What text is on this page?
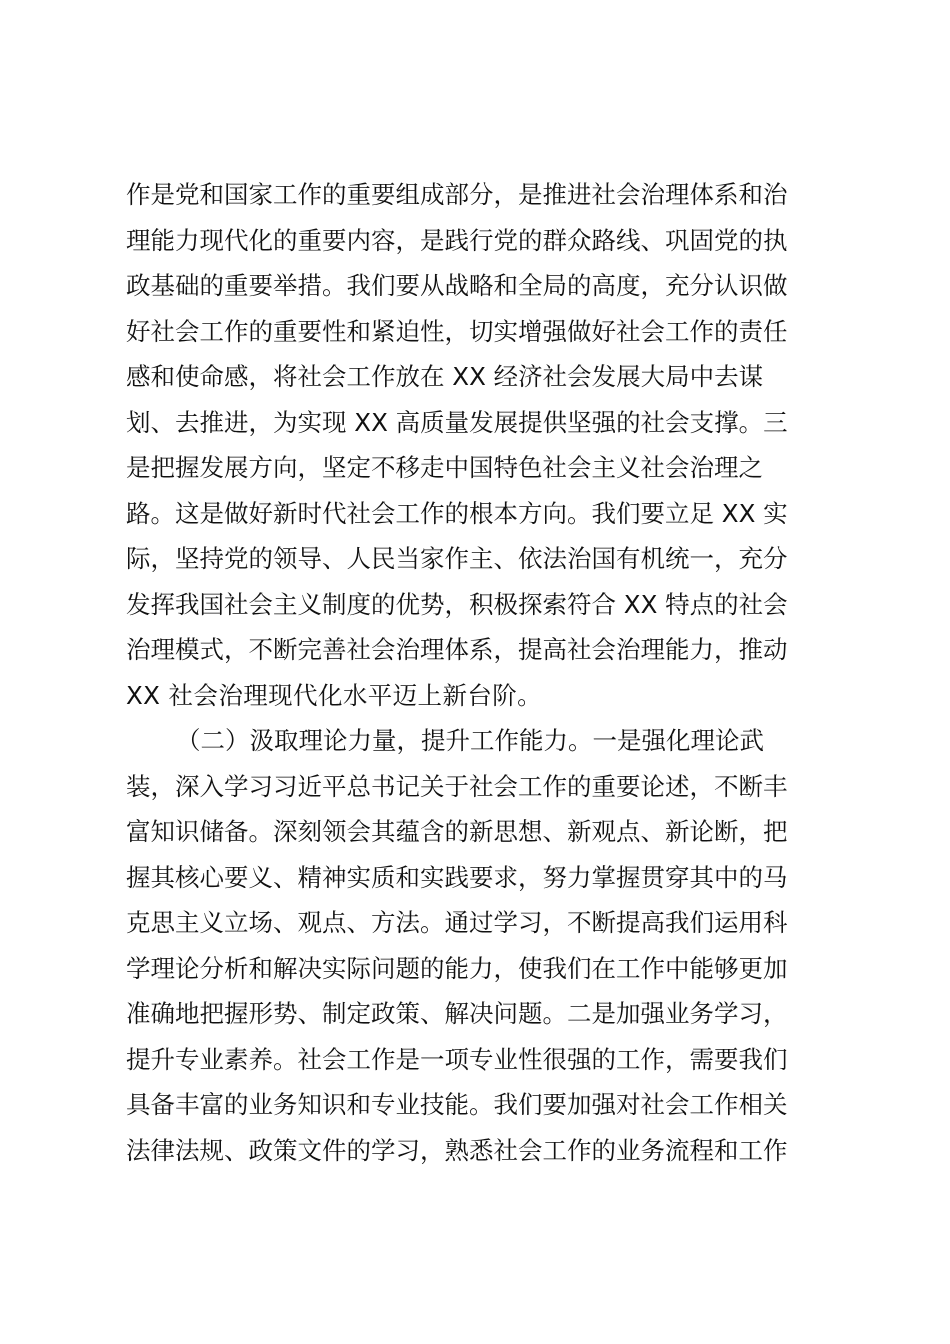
作是党和国家工作的重要组成部分，是推进社会治理体系和治
理能力现代化的重要内容，是践行党的群众路线、巩固党的执
政基础的重要举措。我们要从战略和全局的高度，充分认识做
好社会工作的重要性和紧迫性，切实增强做好社会工作的责任
感和使命感，将社会工作放在 XX 经济社会发展大局中去谋
划、去推进，为实现 XX 高质量发展提供坚强的社会支撑。三
是把握发展方向，坚定不移走中国特色社会主义社会治理之
路。这是做好新时代社会工作的根本方向。我们要立足 XX 实
际，坚持党的领导、人民当家作主、依法治国有机统一，充分
发挥我国社会主义制度的优势，积极探索符合 XX 特点的社会
治理模式，不断完善社会治理体系，提高社会治理能力，推动
XX 社会治理现代化水平迈上新台阶。
（二）汲取理论力量，提升工作能力。一是强化理论武
装，深入学习习近平总书记关于社会工作的重要论述，不断丰
富知识储备。深刻领会其蕴含的新思想、新观点、新论断，把
握其核心要义、精神实质和实践要求，努力掌握贯穿其中的马
克思主义立场、观点、方法。通过学习，不断提高我们运用科
学理论分析和解决实际问题的能力，使我们在工作中能够更加
准确地把握形势、制定政策、解决问题。二是加强业务学习，
提升专业素养。社会工作是一项专业性很强的工作，需要我们
具备丰富的业务知识和专业技能。我们要加强对社会工作相关
法律法规、政策文件的学习，熟悉社会工作的业务流程和工作
